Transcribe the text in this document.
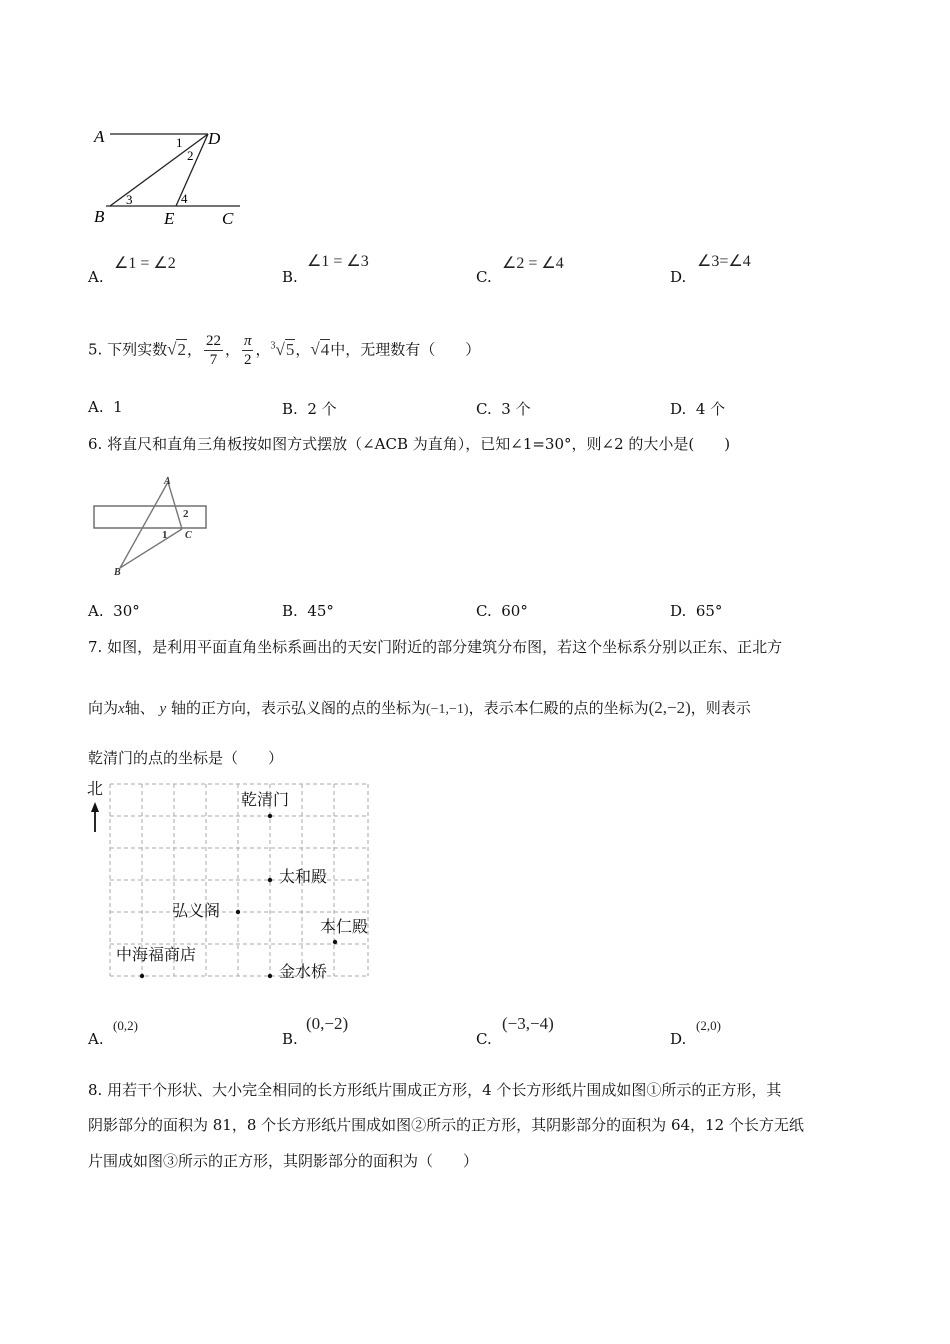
A	D
B	E	C
1
2
3	4
A.
∠1 = ∠2
B.
∠1 = ∠3
C.
∠2 = ∠4
D.
∠3=∠4
5. 下列实数√2， $\frac{22}{7}$ ， $\frac{\pi}{2}$ ，$^3$√5，√4中，无理数有（　　）
A. 1	B. 2 个	C. 3 个	D. 4 个
6. 将直尺和直角三角板按如图方式摆放（∠ACB 为直角），已知∠1=30°，则∠2 的大小是(　　)
A
B
C
1
2
A. 30°	B. 45°	C. 60°	D. 65°
7. 如图，是利用平面直角坐标系画出的天安门附近的部分建筑分布图，若这个坐标系分别以正东、正北方
向为x轴、 y 轴的正方向，表示弘义阁的点的坐标为(−1,−1)，表示本仁殿的点的坐标为(2,−2)，则表示
乾清门的点的坐标是（　　）
北
乾清门
太和殿
弘义阁
本仁殿
中海福商店
金水桥
A.
(0,2)
B.
(0,−2)
C.
(−3,−4)
D.
(2,0)
8. 用若干个形状、大小完全相同的长方形纸片围成正方形，4 个长方形纸片围成如图①所示的正方形，其
阴影部分的面积为 81，8 个长方形纸片围成如图②所示的正方形，其阴影部分的面积为 64，12 个长方无纸
片围成如图③所示的正方形，其阴影部分的面积为（　　）
